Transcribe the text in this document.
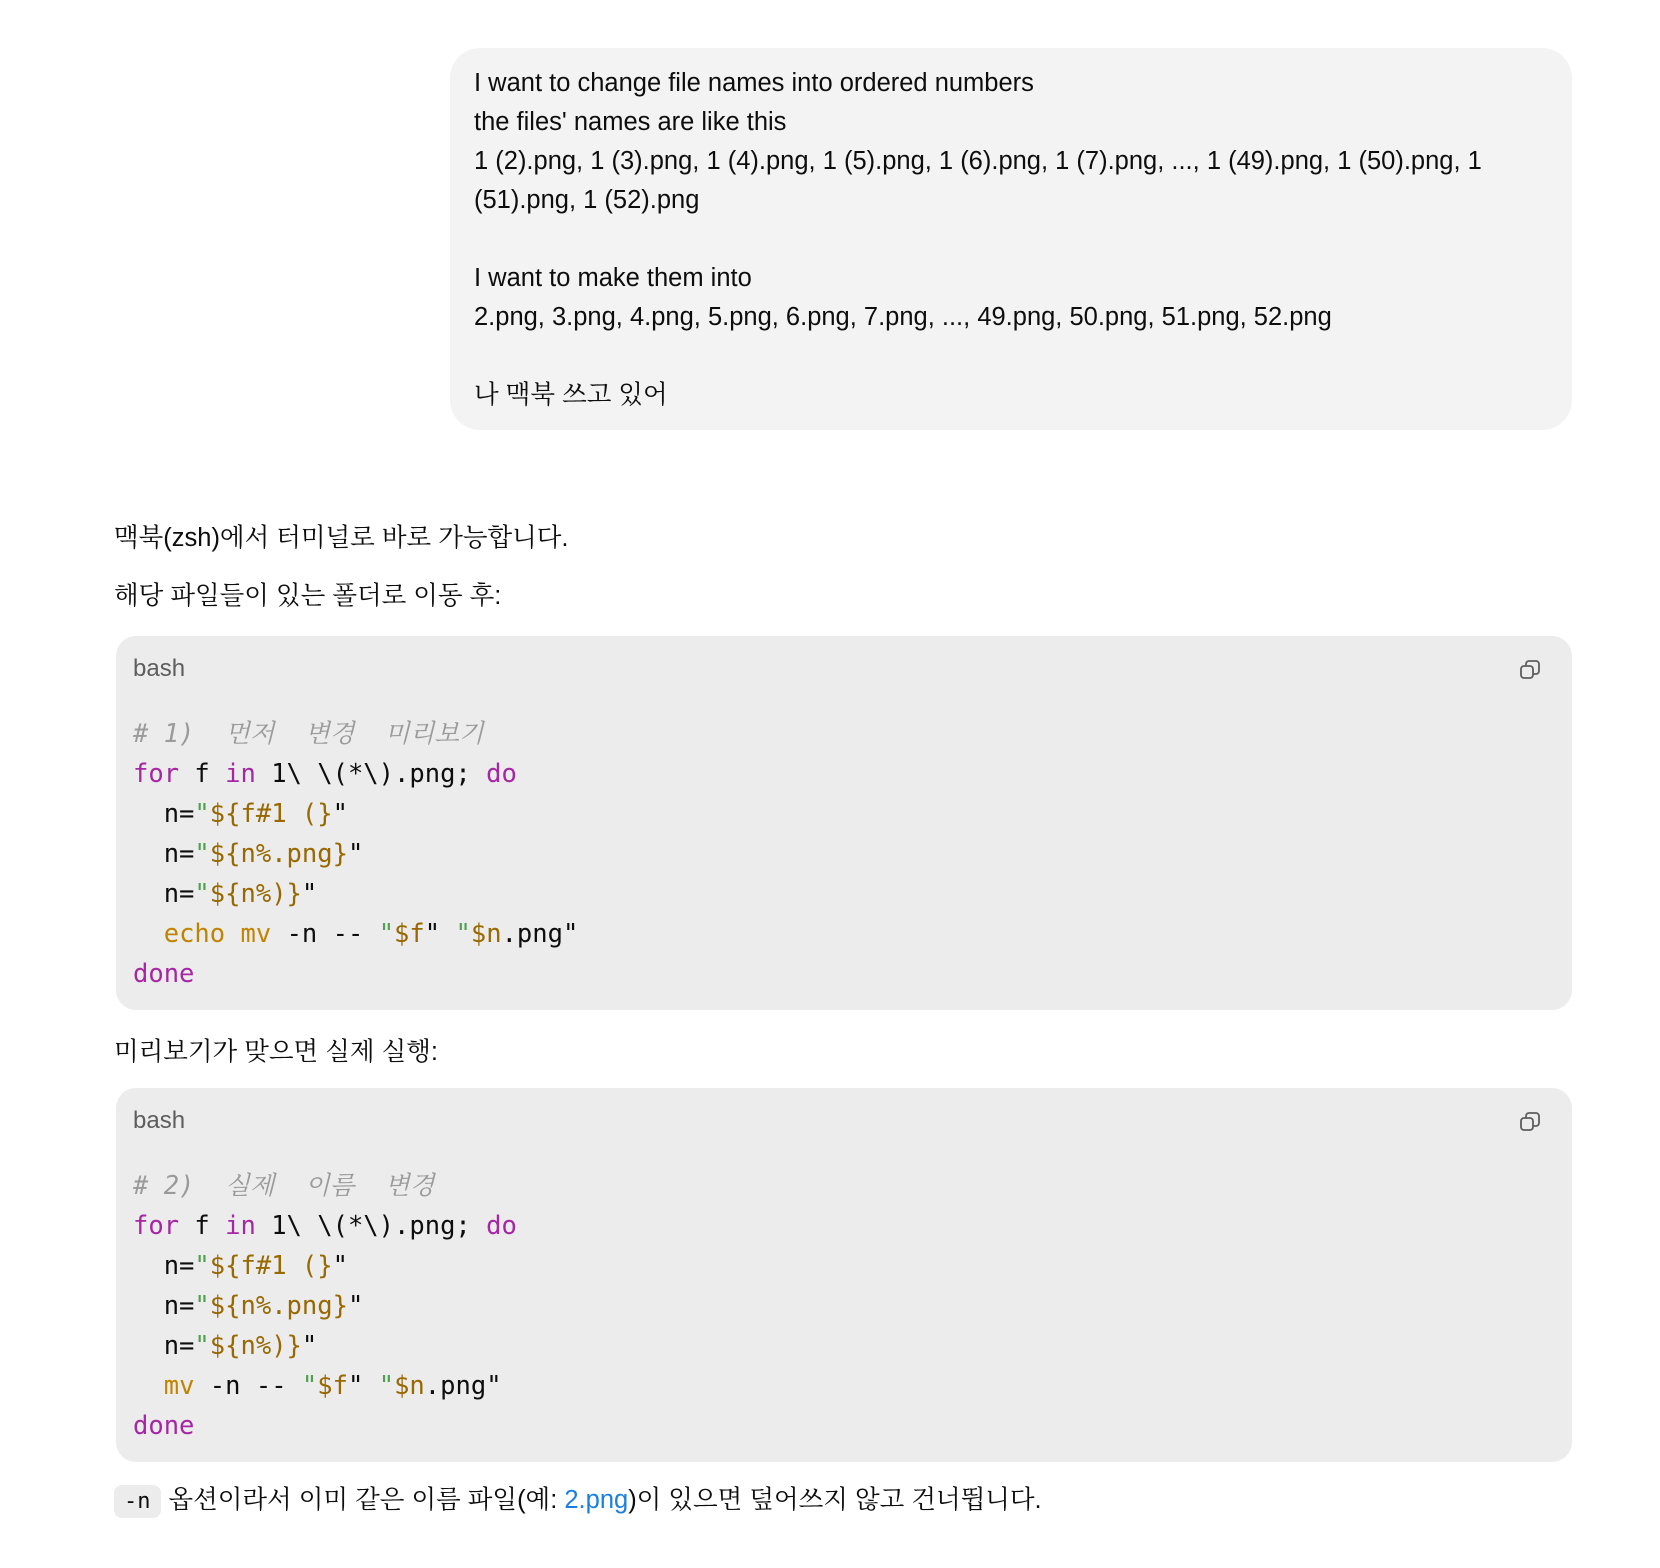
I want to change file names into ordered numbers
the files' names are like this
1 (2).png, 1 (3).png, 1 (4).png, 1 (5).png, 1 (6).png, 1 (7).png, ..., 1 (49).png, 1 (50).png, 1
(51).png, 1 (52).png
I want to make them into
2.png, 3.png, 4.png, 5.png, 6.png, 7.png, ..., 49.png, 50.png, 51.png, 52.png
나 맥북 쓰고 있어
맥북(zsh)에서 터미널로 바로 가능합니다.
해당 파일들이 있는 폴더로 이동 후:
bash
# 1)  먼저  변경  미리보기
for f in 1\ \(*\).png; do
n="${f#1 (}"
n="${n%.png}"
n="${n%)}"
echo mv -n -- "$f" "$n.png"
done
미리보기가 맞으면 실제 실행:
bash
# 2)  실제  이름  변경
for f in 1\ \(*\).png; do
n="${f#1 (}"
n="${n%.png}"
n="${n%)}"
mv -n -- "$f" "$n.png"
done
-n 옵션이라서 이미 같은 이름 파일(예: 2.png)이 있으면 덮어쓰지 않고 건너뜁니다.
